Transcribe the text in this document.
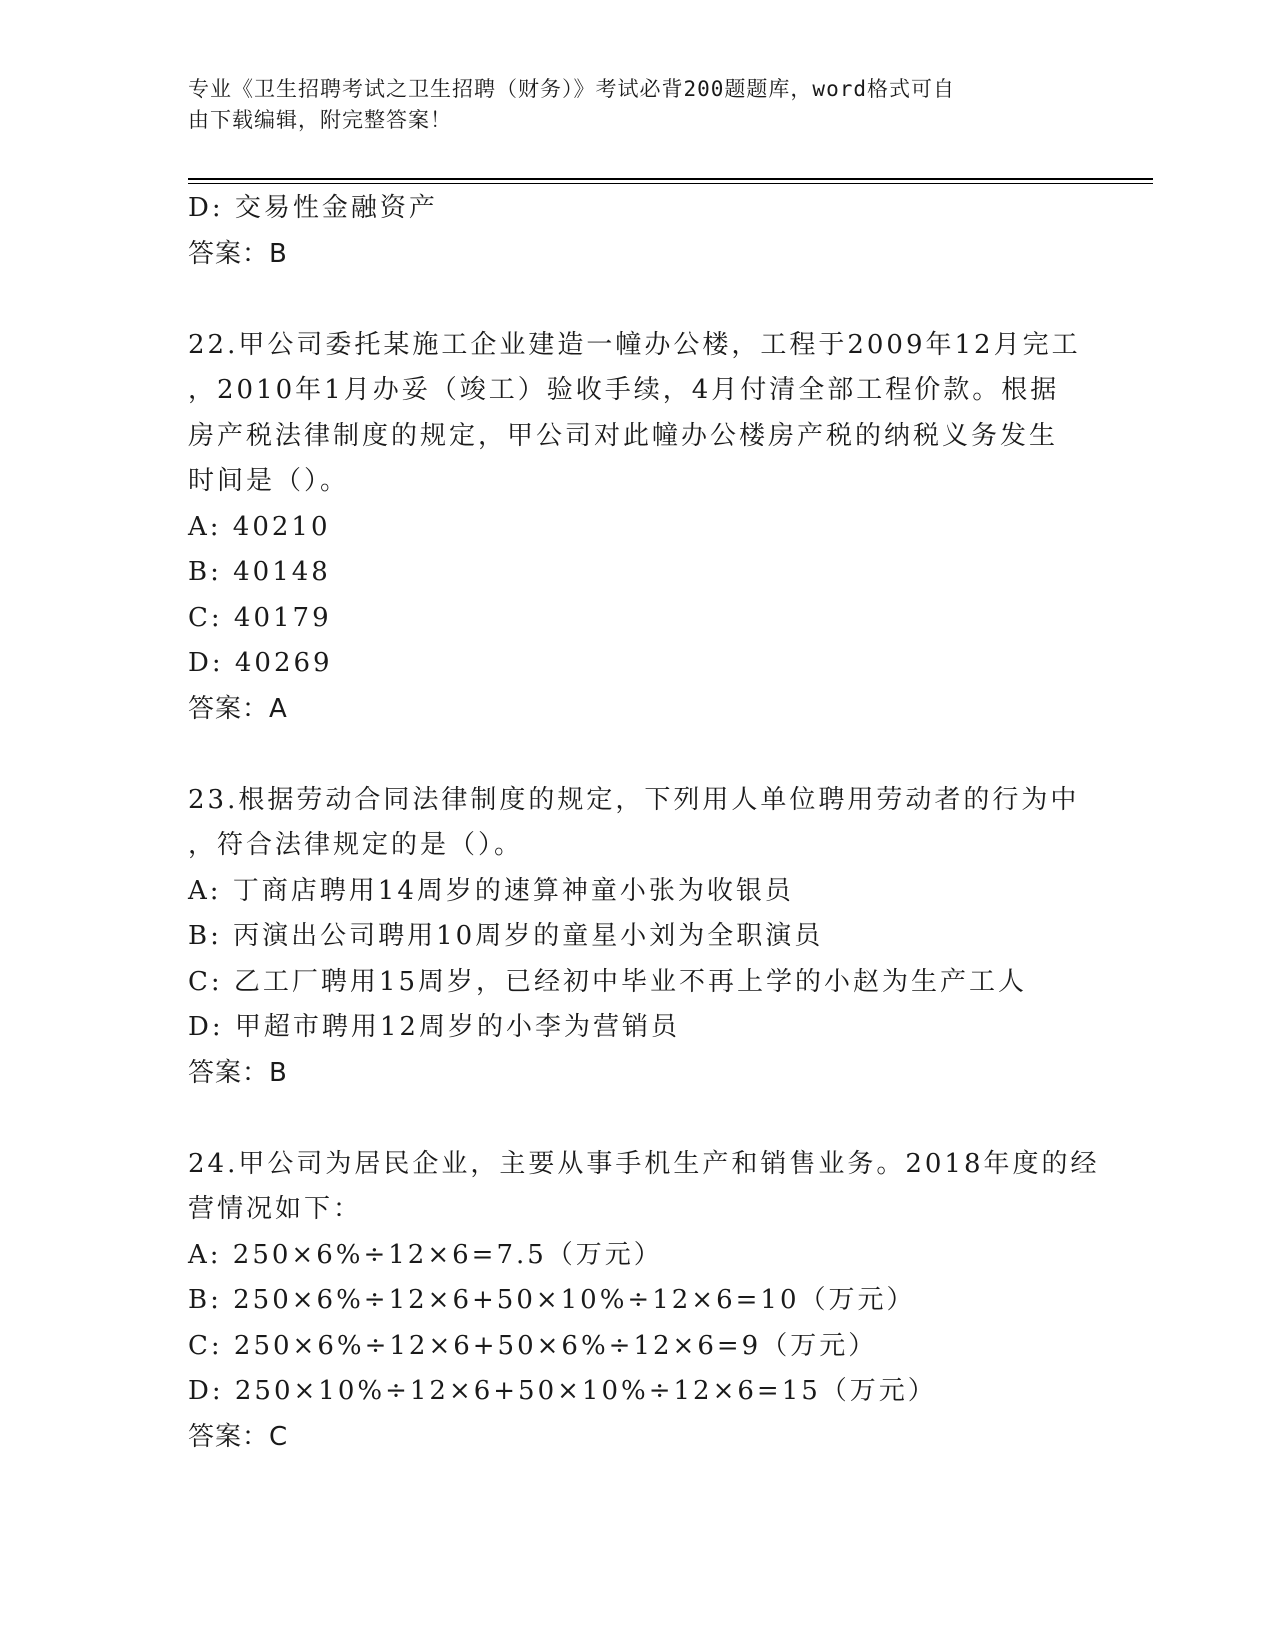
专业《卫生招聘考试之卫生招聘（财务）》考试必背200题题库，word格式可自
由下载编辑，附完整答案！
D: 交易性金融资产
答案：B
22.甲公司委托某施工企业建造一幢办公楼，工程于2009年12月完工
，2010年1月办妥（竣工）验收手续，4月付清全部工程价款。根据
房产税法律制度的规定，甲公司对此幢办公楼房产税的纳税义务发生
时间是（）。
A: 40210
B: 40148
C: 40179
D: 40269
答案：A
23.根据劳动合同法律制度的规定，下列用人单位聘用劳动者的行为中
，符合法律规定的是（）。
A: 丁商店聘用14周岁的速算神童小张为收银员
B: 丙演出公司聘用10周岁的童星小刘为全职演员
C: 乙工厂聘用15周岁，已经初中毕业不再上学的小赵为生产工人
D: 甲超市聘用12周岁的小李为营销员
答案：B
24.甲公司为居民企业，主要从事手机生产和销售业务。2018年度的经
营情况如下：
A: 250×6%÷12×6=7.5（万元）
B: 250×6%÷12×6+50×10%÷12×6=10（万元）
C: 250×6%÷12×6+50×6%÷12×6=9（万元）
D: 250×10%÷12×6+50×10%÷12×6=15（万元）
答案：C
